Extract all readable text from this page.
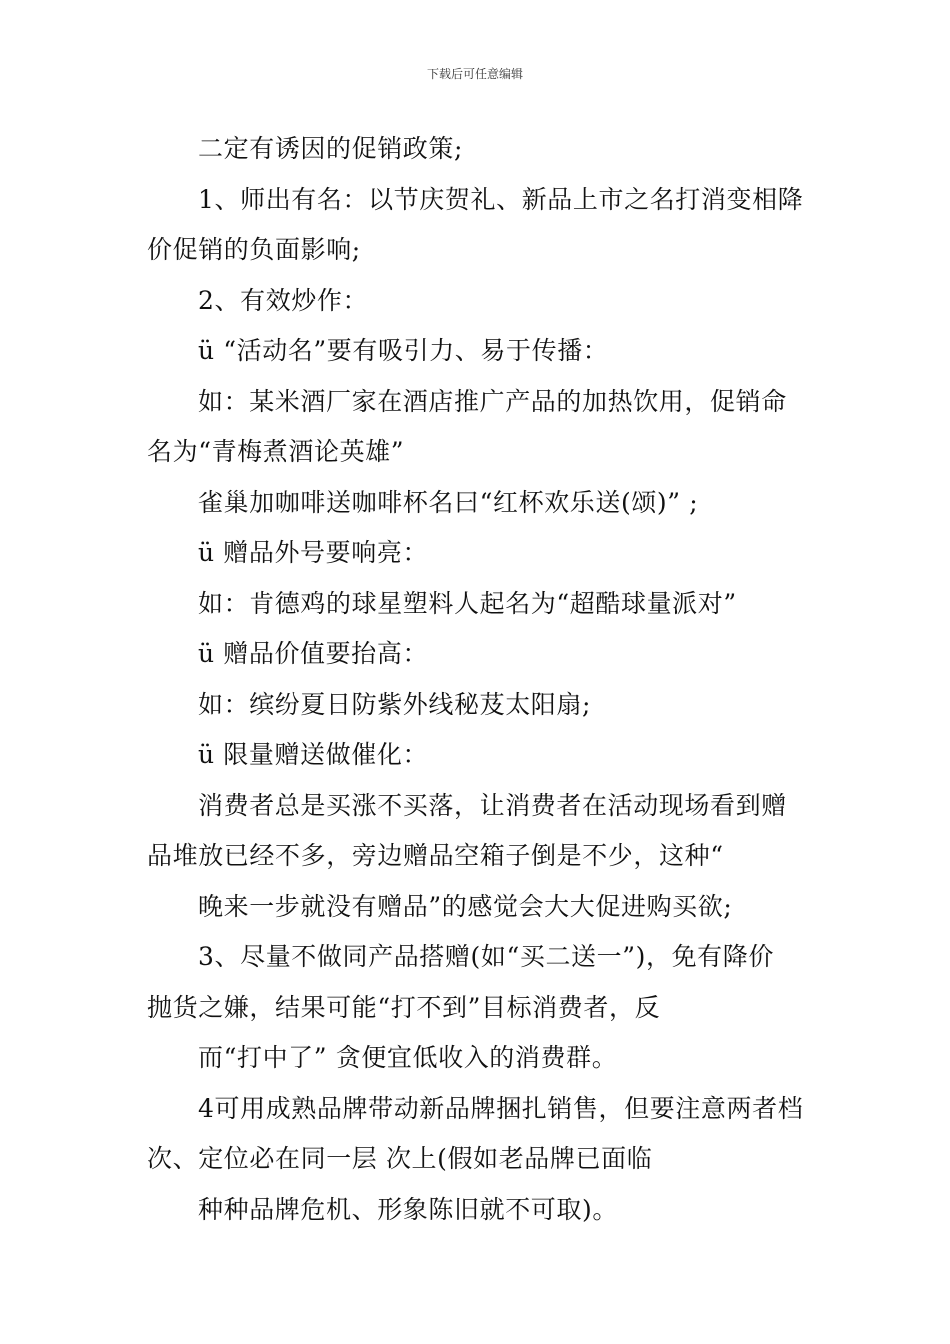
下载后可任意编辑
二定有诱因的促销政策;
1、师出有名：以节庆贺礼、新品上市之名打消变相降
价促销的负面影响;
2、有效炒作：
ü “活动名”要有吸引力、易于传播：
如：某米酒厂家在酒店推广产品的加热饮用，促销命
名为“青梅煮酒论英雄”
雀巢加咖啡送咖啡杯名曰“红杯欢乐送(颂)” ;
ü 赠品外号要响亮：
如：肯德鸡的球星塑料人起名为“超酷球量派对”
ü 赠品价值要抬高：
如：缤纷夏日防紫外线秘芨太阳扇;
ü 限量赠送做催化：
消费者总是买涨不买落，让消费者在活动现场看到赠
品堆放已经不多，旁边赠品空箱子倒是不少，这种“
晚来一步就没有赠品”的感觉会大大促进购买欲;
3、尽量不做同产品搭赠(如“买二送一”)，免有降价
抛货之嫌，结果可能“打不到”目标消费者，反
而“打中了” 贪便宜低收入的消费群。
4可用成熟品牌带动新品牌捆扎销售，但要注意两者档
次、定位必在同一层 次上(假如老品牌已面临
种种品牌危机、形象陈旧就不可取)。
